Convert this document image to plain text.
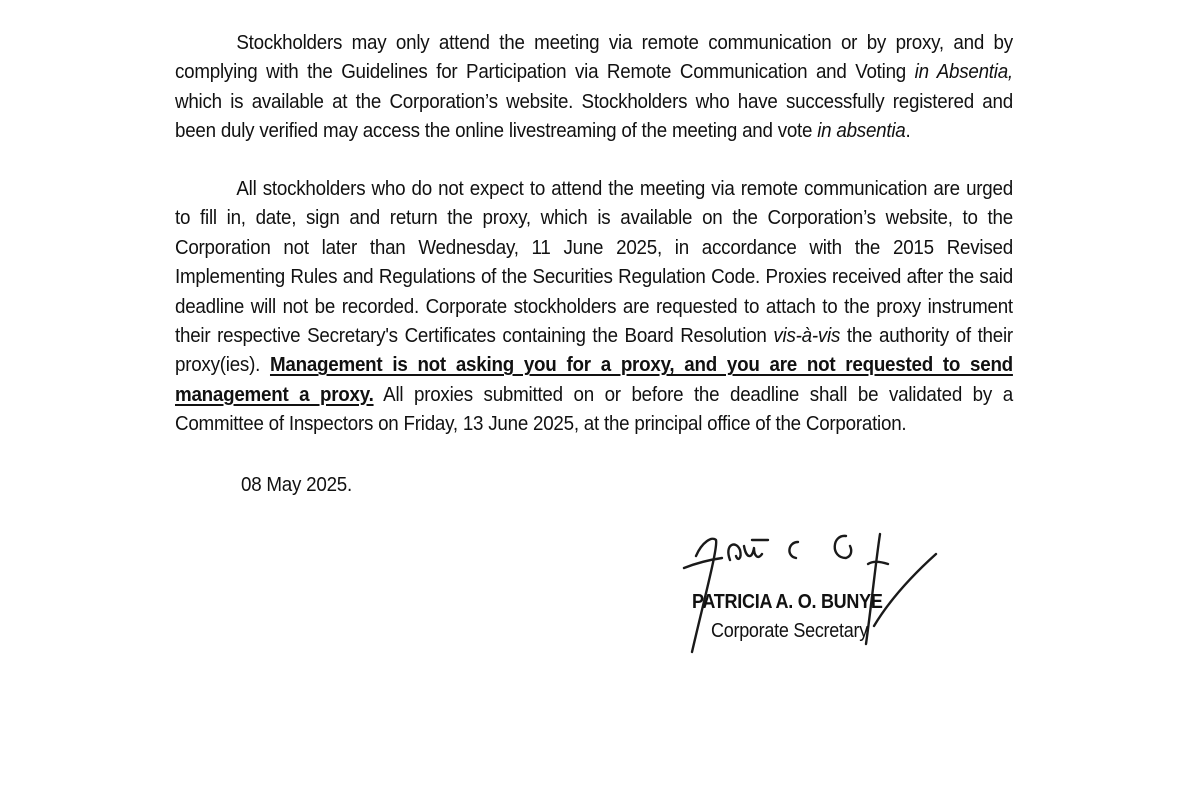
Stockholders may only attend the meeting via remote communication or by proxy, and by complying with the Guidelines for Participation via Remote Communication and Voting in Absentia, which is available at the Corporation’s website. Stockholders who have successfully registered and been duly verified may access the online livestreaming of the meeting and vote in absentia.

All stockholders who do not expect to attend the meeting via remote communication are urged to fill in, date, sign and return the proxy, which is available on the Corporation’s website, to the Corporation not later than Wednesday, 11 June 2025, in accordance with the 2015 Revised Implementing Rules and Regulations of the Securities Regulation Code. Proxies received after the said deadline will not be recorded. Corporate stockholders are requested to attach to the proxy instrument their respective Secretary's Certificates containing the Board Resolution vis-à-vis the authority of their proxy(ies). Management is not asking you for a proxy, and you are not requested to send management a proxy. All proxies submitted on or before the deadline shall be validated by a Committee of Inspectors on Friday, 13 June 2025, at the principal office of the Corporation.

08 May 2025.
PATRICIA A. O. BUNYE
Corporate Secretary
